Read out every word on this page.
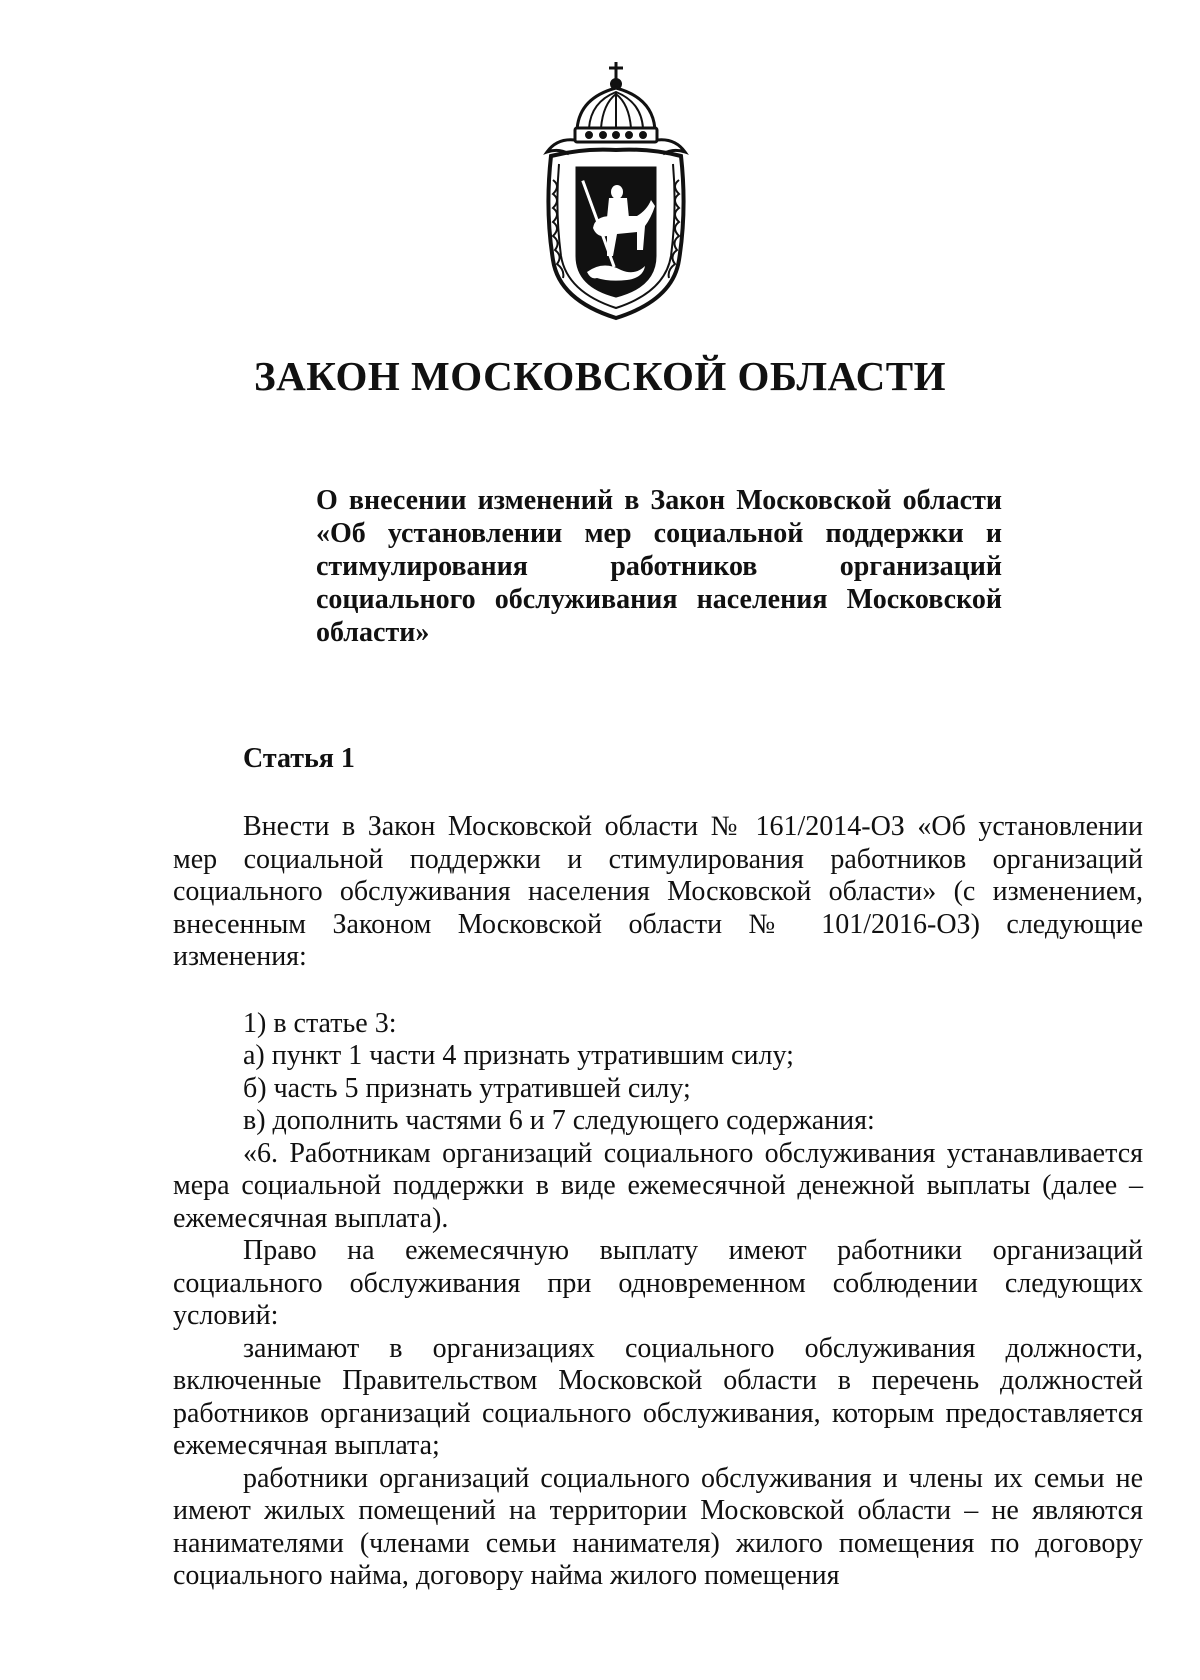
ЗАКОН МОСКОВСКОЙ ОБЛАСТИ
О внесении изменений в Закон Московской области «Об установлении мер социальной поддержки и стимулирования работников организаций социального обслуживания населения Московской области»
Статья 1

Внести в Закон Московской области № 161/2014-ОЗ «Об установлении мер социальной поддержки и стимулирования работников организаций социального обслуживания населения Московской области» (с изменением, внесенным Законом Московской области № 101/2016-ОЗ) следующие изменения:

1) в статье 3:

а) пункт 1 части 4 признать утратившим силу;

б) часть 5 признать утратившей силу;

в) дополнить частями 6 и 7 следующего содержания:

«6. Работникам организаций социального обслуживания устанавливается мера социальной поддержки в виде ежемесячной денежной выплаты (далее – ежемесячная выплата).

Право на ежемесячную выплату имеют работники организаций социального обслуживания при одновременном соблюдении следующих условий:

занимают в организациях социального обслуживания должности, включенные Правительством Московской области в перечень должностей работников организаций социального обслуживания, которым предоставляется ежемесячная выплата;

работники организаций социального обслуживания и члены их семьи не имеют жилых помещений на территории Московской области – не являются нанимателями (членами семьи нанимателя) жилого помещения по договору социального найма, договору найма жилого помещения
